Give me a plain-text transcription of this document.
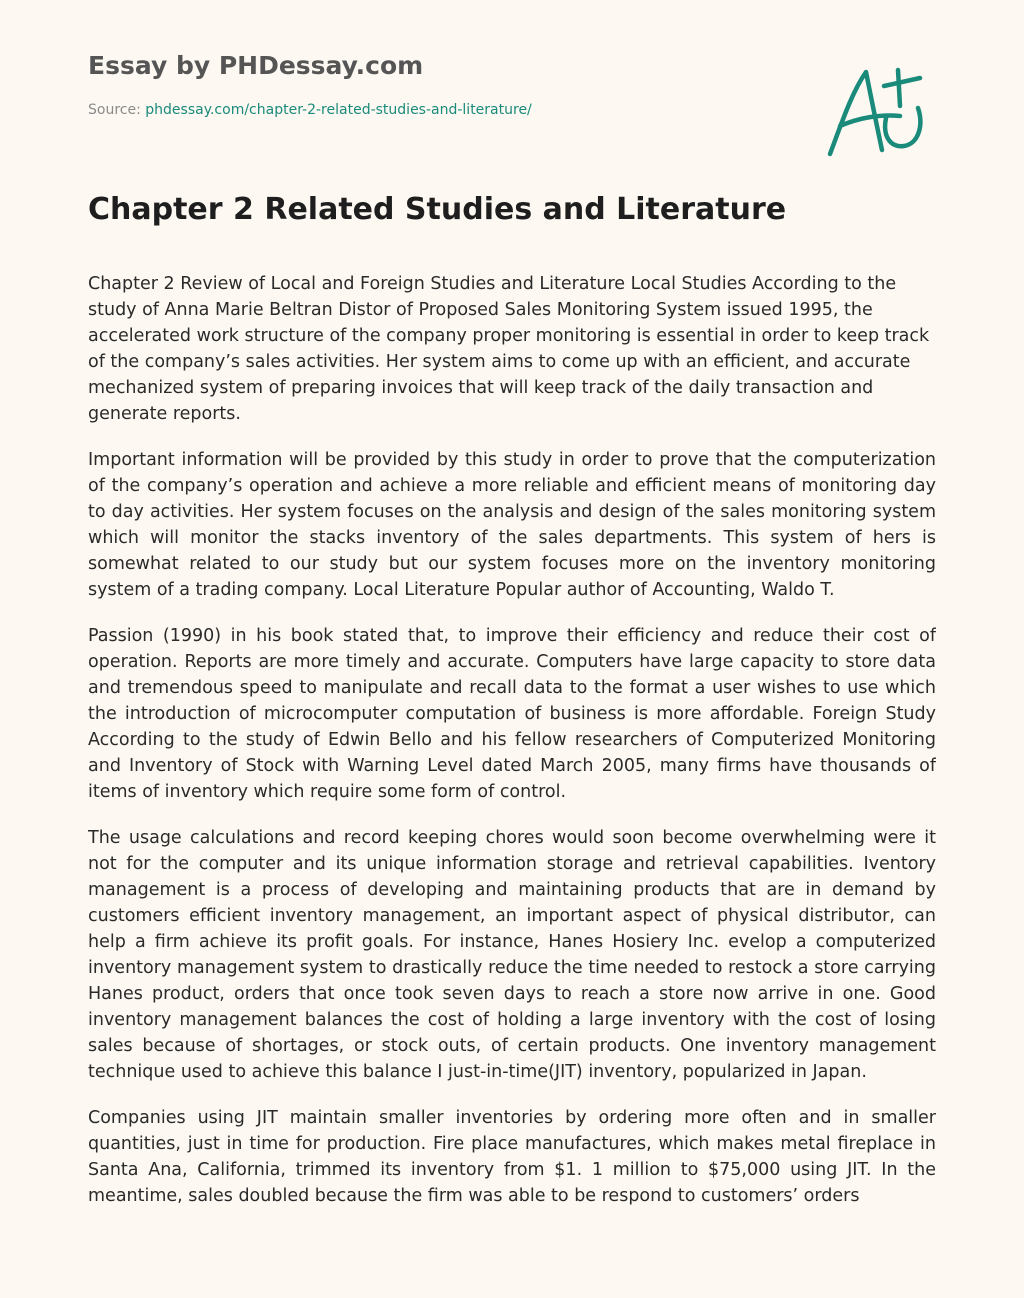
Essay by PHDessay.com
Source: phdessay.com/chapter-2-related-studies-and-literature/
Chapter 2 Related Studies and Literature

Chapter 2 Review of Local and Foreign Studies and Literature Local Studies According to the study of Anna Marie Beltran Distor of Proposed Sales Monitoring System issued 1995, the accelerated work structure of the company proper monitoring is essential in order to keep track of the company’s sales activities. Her system aims to come up with an efficient, and accurate mechanized system of preparing invoices that will keep track of the daily transaction and generate reports.

Important information will be provided by this study in order to prove that the computerization of the company’s operation and achieve a more reliable and efficient means of monitoring day to day activities. Her system focuses on the analysis and design of the sales monitoring system which will monitor the stacks inventory of the sales departments. This system of hers is somewhat related to our study but our system focuses more on the inventory monitoring system of a trading company. Local Literature Popular author of Accounting, Waldo T.

Passion (1990) in his book stated that, to improve their efficiency and reduce their cost of operation. Reports are more timely and accurate. Computers have large capacity to store data and tremendous speed to manipulate and recall data to the format a user wishes to use which the introduction of microcomputer computation of business is more affordable. Foreign Study According to the study of Edwin Bello and his fellow researchers of Computerized Monitoring and Inventory of Stock with Warning Level dated March 2005, many firms have thousands of items of inventory which require some form of control.

The usage calculations and record keeping chores would soon become overwhelming were it not for the computer and its unique information storage and retrieval capabilities. Iventory management is a process of developing and maintaining products that are in demand by customers efficient inventory management, an important aspect of physical distributor, can help a firm achieve its profit goals. For instance, Hanes Hosiery Inc. evelop a computerized inventory management system to drastically reduce the time needed to restock a store carrying Hanes product, orders that once took seven days to reach a store now arrive in one. Good inventory management balances the cost of holding a large inventory with the cost of losing sales because of shortages, or stock outs, of certain products. One inventory management technique used to achieve this balance I just-in-time(JIT) inventory, popularized in Japan.

Companies using JIT maintain smaller inventories by ordering more often and in smaller quantities, just in time for production. Fire place manufactures, which makes metal fireplace in Santa Ana, California, trimmed its inventory from $1. 1 million to $75,000 using JIT. In the meantime, sales doubled because the firm was able to be respond to customers’ orders
